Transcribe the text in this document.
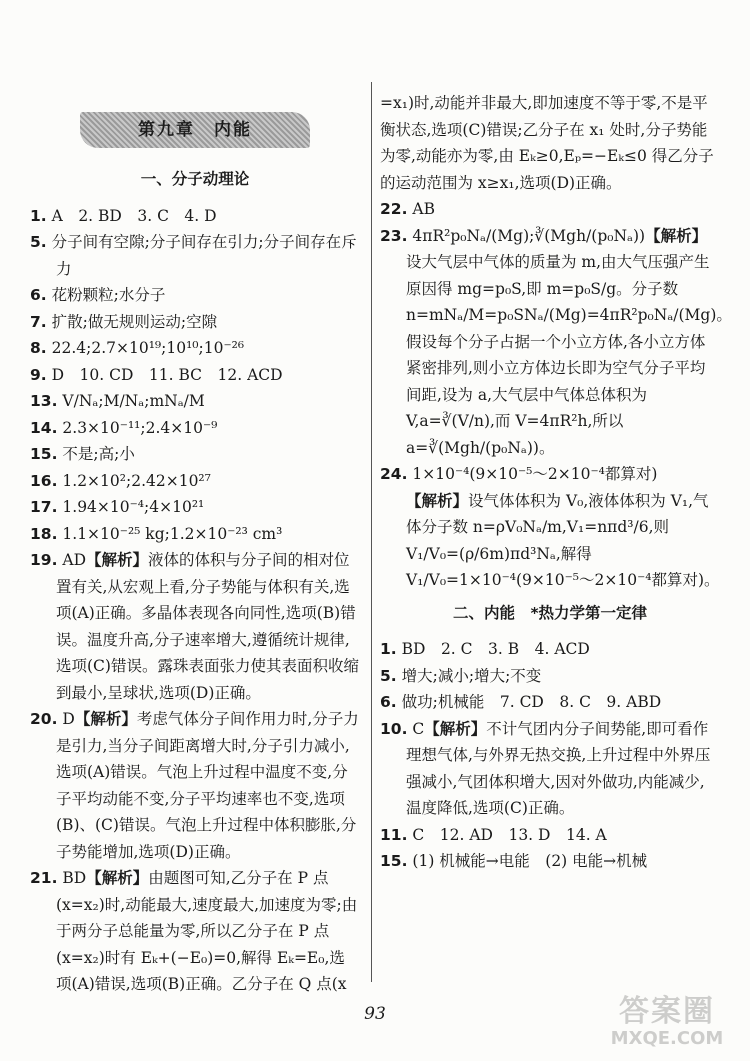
第九章　内能
一、分子动理论

1. A　2. BD　3. C　4. D

5. 分子间有空隙;分子间存在引力;分子间存在斥力

6. 花粉颗粒;水分子

7. 扩散;做无规则运动;空隙

8. 22.4;2.7×10¹⁹;10¹⁰;10⁻²⁶

9. D　10. CD　11. BC　12. ACD

13. V/Nₐ;M/Nₐ;mNₐ/M

14. 2.3×10⁻¹¹;2.4×10⁻⁹

15. 不是;高;小

16. 1.2×10²;2.42×10²⁷

17. 1.94×10⁻⁴;4×10²¹

18. 1.1×10⁻²⁵ kg;1.2×10⁻²³ cm³

19. AD【解析】液体的体积与分子间的相对位置有关,从宏观上看,分子势能与体积有关,选项(A)正确。多晶体表现各向同性,选项(B)错误。温度升高,分子速率增大,遵循统计规律,选项(C)错误。露珠表面张力使其表面积收缩到最小,呈球状,选项(D)正确。

20. D【解析】考虑气体分子间作用力时,分子力是引力,当分子间距离增大时,分子引力减小,选项(A)错误。气泡上升过程中温度不变,分子平均动能不变,分子平均速率也不变,选项(B)、(C)错误。气泡上升过程中体积膨胀,分子势能增加,选项(D)正确。

21. BD【解析】由题图可知,乙分子在 P 点(x=x₂)时,动能最大,速度最大,加速度为零;由于两分子总能量为零,所以乙分子在 P 点(x=x₂)时有 Eₖ+(−E₀)=0,解得 Eₖ=E₀,选项(A)错误,选项(B)正确。乙分子在 Q 点(x

=x₁)时,动能并非最大,即加速度不等于零,不是平衡状态,选项(C)错误;乙分子在 x₁ 处时,分子势能为零,动能亦为零,由 Eₖ≥0,Eₚ=−Eₖ≤0 得乙分子的运动范围为 x≥x₁,选项(D)正确。

22. AB

23. 4πR²p₀Nₐ/(Mg);∛(Mgh/(p₀Nₐ))【解析】设大气层中气体的质量为 m,由大气压强产生原因得 mg=p₀S,即 m=p₀S/g。分子数 n=mNₐ/M=p₀SNₐ/(Mg)=4πR²p₀Nₐ/(Mg)。假设每个分子占据一个小立方体,各小立方体紧密排列,则小立方体边长即为空气分子平均间距,设为 a,大气层中气体总体积为 V,a=∛(V/n),而 V=4πR²h,所以 a=∛(Mgh/(p₀Nₐ))。

24. 1×10⁻⁴(9×10⁻⁵～2×10⁻⁴都算对)
【解析】设气体体积为 V₀,液体体积为 V₁,气体分子数 n=ρV₀Nₐ/m,V₁=nπd³/6,则 V₁/V₀=(ρ/6m)πd³Nₐ,解得 V₁/V₀=1×10⁻⁴(9×10⁻⁵～2×10⁻⁴都算对)。

二、内能　*热力学第一定律

1. BD　2. C　3. B　4. ACD

5. 增大;减小;增大;不变

6. 做功;机械能　7. CD　8. C　9. ABD

10. C【解析】不计气团内分子间势能,即可看作理想气体,与外界无热交换,上升过程中外界压强减小,气团体积增大,因对外做功,内能减少,温度降低,选项(C)正确。

11. C　12. AD　13. D　14. A

15. (1) 机械能→电能　(2) 电能→机械

93	答案圈
MXQE.COM
